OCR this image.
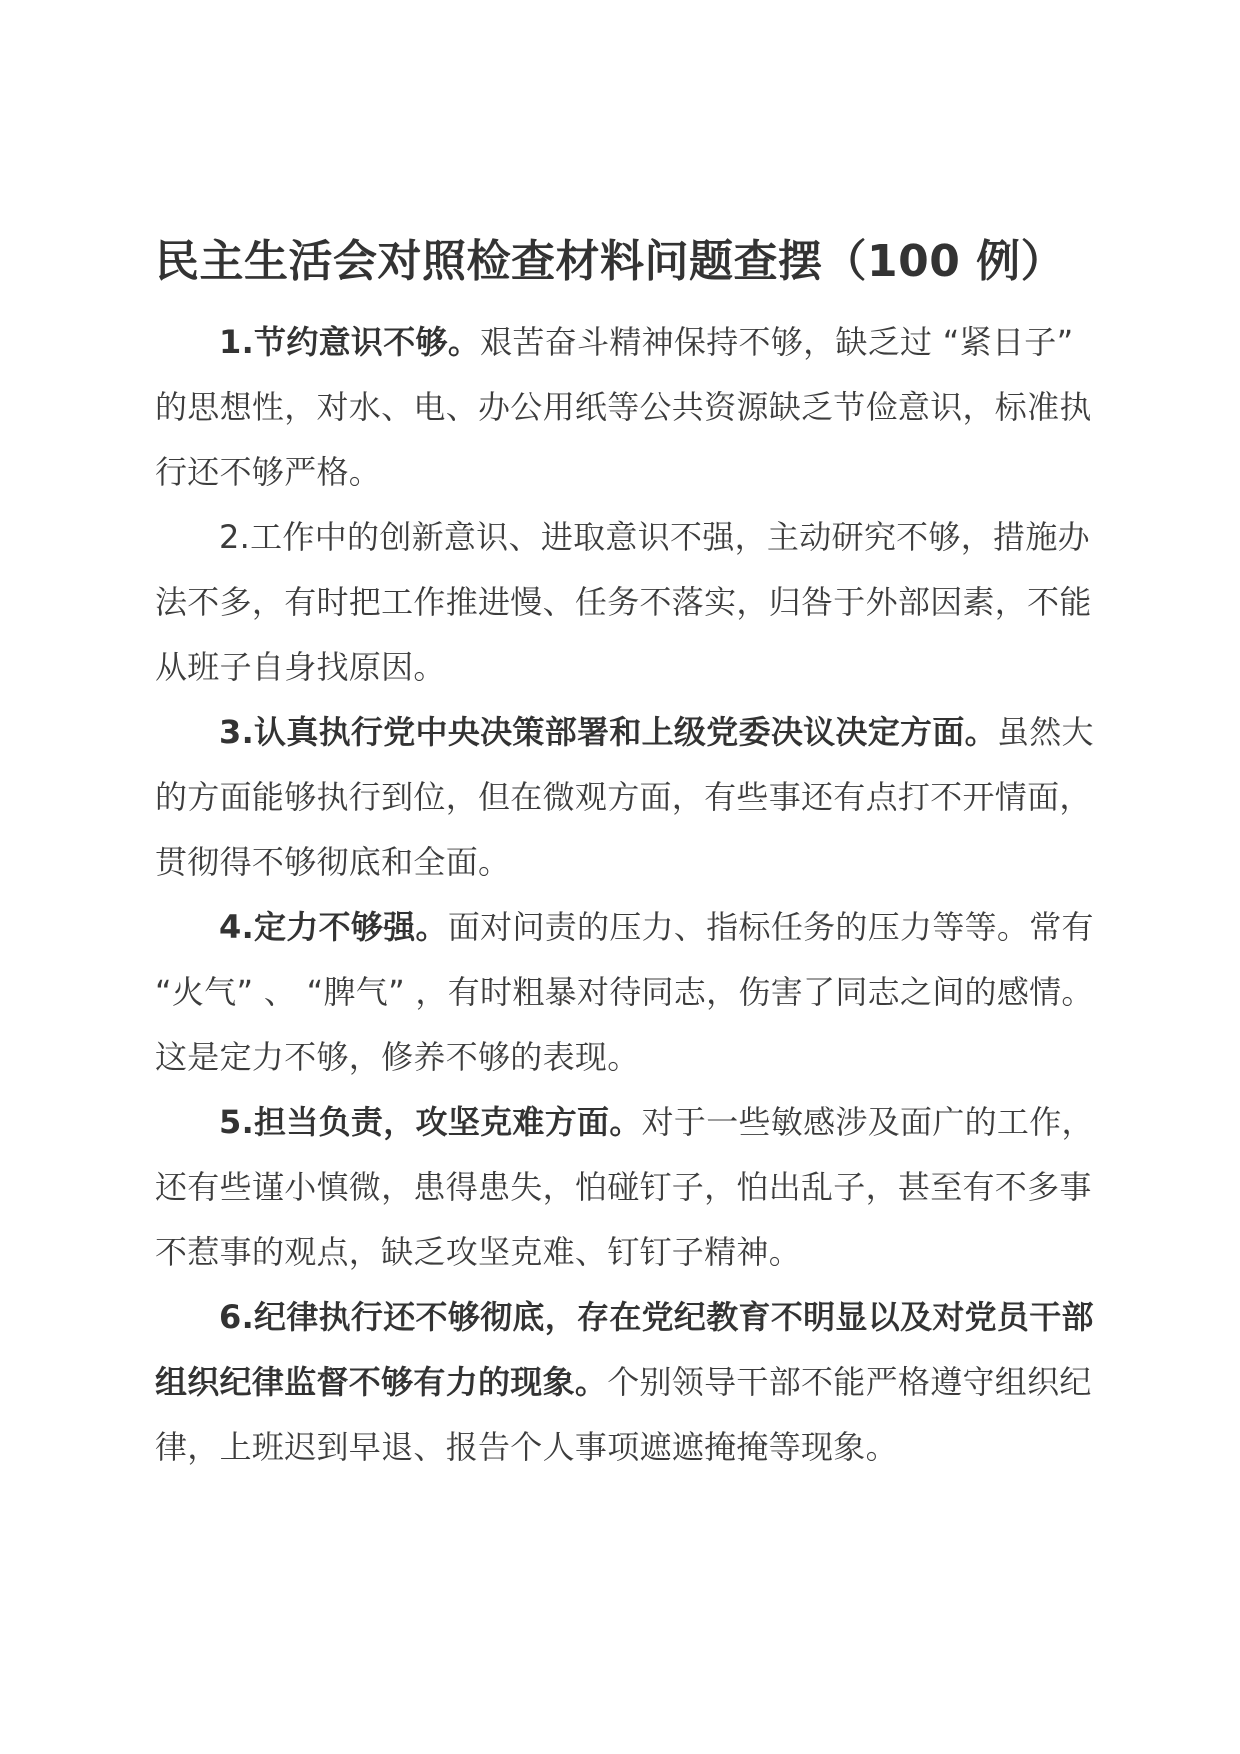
民主生活会对照检查材料问题查摆（100 例）

1.节约意识不够。艰苦奋斗精神保持不够，缺乏过 “紧日子” 的思想性，对水、电、办公用纸等公共资源缺乏节俭意识，标准执行还不够严格。

2.工作中的创新意识、进取意识不强，主动研究不够，措施办法不多，有时把工作推进慢、任务不落实，归咎于外部因素，不能从班子自身找原因。

3.认真执行党中央决策部署和上级党委决议决定方面。虽然大的方面能够执行到位，但在微观方面，有些事还有点打不开情面，贯彻得不够彻底和全面。

4.定力不够强。面对问责的压力、指标任务的压力等等。常有 “火气” 、 “脾气” ，有时粗暴对待同志，伤害了同志之间的感情。这是定力不够，修养不够的表现。

5.担当负责，攻坚克难方面。对于一些敏感涉及面广的工作，还有些谨小慎微，患得患失，怕碰钉子，怕出乱子，甚至有不多事不惹事的观点，缺乏攻坚克难、钉钉子精神。

6.纪律执行还不够彻底，存在党纪教育不明显以及对党员干部组织纪律监督不够有力的现象。个别领导干部不能严格遵守组织纪律，上班迟到早退、报告个人事项遮遮掩掩等现象。
